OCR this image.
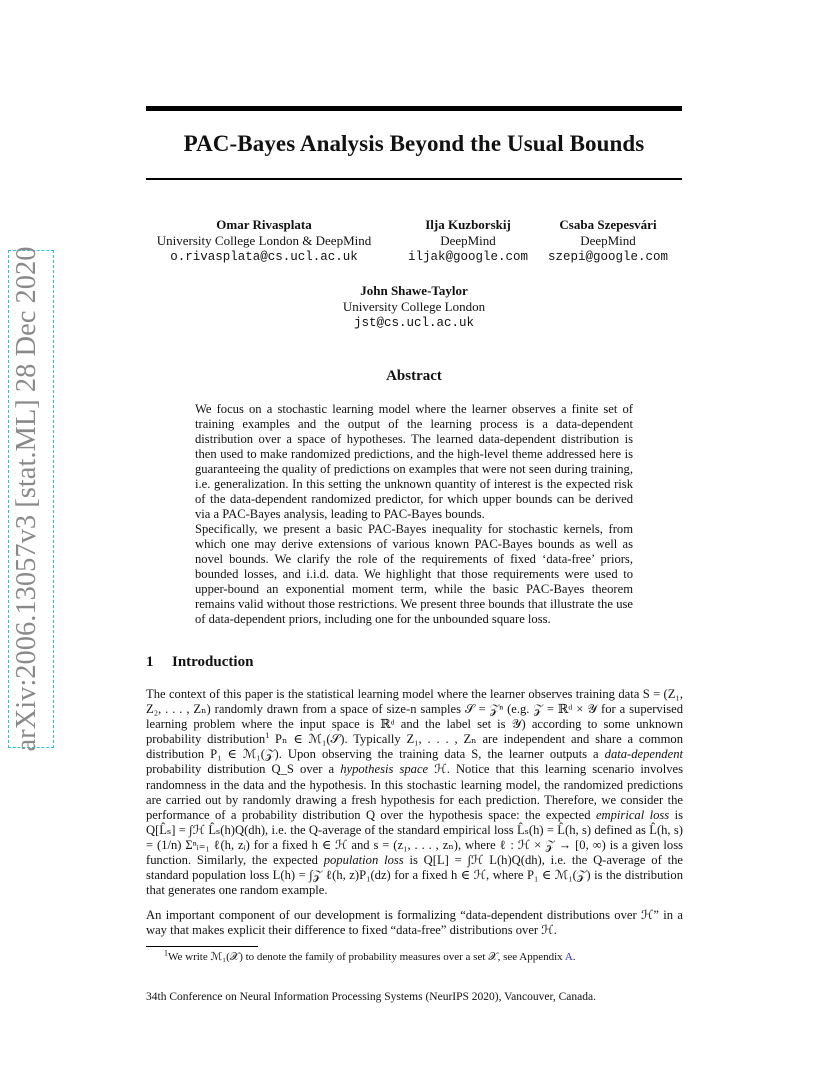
arXiv:2006.13057v3 [stat.ML] 28 Dec 2020
PAC-Bayes Analysis Beyond the Usual Bounds
Omar Rivasplata
University College London & DeepMind
o.rivasplata@cs.ucl.ac.uk
Ilja Kuzborskij
DeepMind
iljak@google.com
Csaba Szepesvári
DeepMind
szepi@google.com
John Shawe-Taylor
University College London
jst@cs.ucl.ac.uk
Abstract

We focus on a stochastic learning model where the learner observes a finite set of training examples and the output of the learning process is a data-dependent distribution over a space of hypotheses. The learned data-dependent distribution is then used to make randomized predictions, and the high-level theme addressed here is guaranteeing the quality of predictions on examples that were not seen during training, i.e. generalization. In this setting the unknown quantity of interest is the expected risk of the data-dependent randomized predictor, for which upper bounds can be derived via a PAC-Bayes analysis, leading to PAC-Bayes bounds.

Specifically, we present a basic PAC-Bayes inequality for stochastic kernels, from which one may derive extensions of various known PAC-Bayes bounds as well as novel bounds. We clarify the role of the requirements of fixed ‘data-free’ priors, bounded losses, and i.i.d. data. We highlight that those requirements were used to upper-bound an exponential moment term, while the basic PAC-Bayes theorem remains valid without those restrictions. We present three bounds that illustrate the use of data-dependent priors, including one for the unbounded square loss.

1 Introduction

The context of this paper is the statistical learning model where the learner observes training data S = (Z₁, Z₂, . . . , Zₙ) randomly drawn from a space of size-n samples 𝒮 = 𝒵ⁿ (e.g. 𝒵 = ℝᵈ × 𝒴 for a supervised learning problem where the input space is ℝᵈ and the label set is 𝒴) according to some unknown probability distribution$^1$ Pₙ ∈ ℳ₁(𝒮). Typically Z₁, . . . , Zₙ are independent and share a common distribution P₁ ∈ ℳ₁(𝒵). Upon observing the training data S, the learner outputs a data-dependent probability distribution Q_S over a hypothesis space ℋ. Notice that this learning scenario involves randomness in the data and the hypothesis. In this stochastic learning model, the randomized predictions are carried out by randomly drawing a fresh hypothesis for each prediction. Therefore, we consider the performance of a probability distribution Q over the hypothesis space: the expected empirical loss is Q[L̂ₛ] = ∫ℋ L̂ₛ(h)Q(dh), i.e. the Q-average of the standard empirical loss L̂ₛ(h) = L̂(h, s) defined as L̂(h, s) = (1/n) Σⁿᵢ₌₁ ℓ(h, zᵢ) for a fixed h ∈ ℋ and s = (z₁, . . . , zₙ), where ℓ : ℋ × 𝒵 → [0, ∞) is a given loss function. Similarly, the expected population loss is Q[L] = ∫ℋ L(h)Q(dh), i.e. the Q-average of the standard population loss L(h) = ∫𝒵 ℓ(h, z)P₁(dz) for a fixed h ∈ ℋ, where P₁ ∈ ℳ₁(𝒵) is the distribution that generates one random example.

An important component of our development is formalizing “data-dependent distributions over ℋ” in a way that makes explicit their difference to fixed “data-free” distributions over ℋ.

$^1$We write ℳ₁(𝒳) to denote the family of probability measures over a set 𝒳, see Appendix A.
34th Conference on Neural Information Processing Systems (NeurIPS 2020), Vancouver, Canada.
